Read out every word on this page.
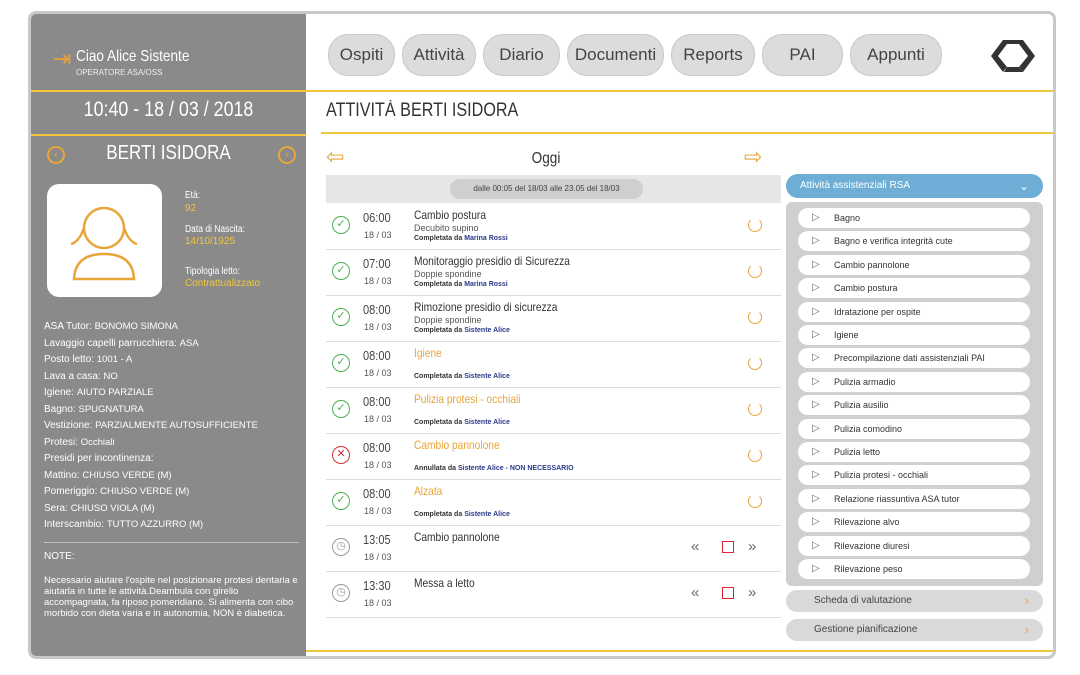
⇥ Ciao Alice Sistente
OPERATORE ASA/OSS
10:40 - 18 / 03 / 2018
BERTI ISIDORA
‹	›
Età:
92
Data di Nascita:
14/10/1925
Tipologia letto:
Contrattualizzato
ASA Tutor: BONOMO SIMONA
Lavaggio capelli parrucchiera: ASA
Posto letto: 1001 - A
Lava a casa: NO
Igiene: AIUTO PARZIALE
Bagno: SPUGNATURA
Vestizione: PARZIALMENTE AUTOSUFFICIENTE
Protesi: Occhiali
Presidi per incontinenza:
Mattino: CHIUSO VERDE (M)
Pomeriggio: CHIUSO VERDE (M)
Sera: CHIUSO VIOLA (M)
Interscambio: TUTTO AZZURRO (M)
NOTE:
Necessario aiutare l'ospite nel posizionare protesi dentaria e aiutarla in tutte le attività.Deambula con girello accompagnata, fa riposo pomeridiano. Si alimenta con cibo morbido con dieta varia e in autonomia, NON è diabetica.
Ospiti	Attività	Diario	Documenti	Reports	PAI	Appunti
ATTIVITÀ BERTI ISIDORA
⇦	Oggi	⇨
dalle 00:05 del 18/03 alle 23.05 del 18/03
✓	06:00
18 / 03
Cambio postura
Decubito supino
Completata da Marina Rossi
✓	07:00
18 / 03
Monitoraggio presidio di Sicurezza
Doppie spondine
Completata da Marina Rossi
✓	08:00
18 / 03
Rimozione presidio di sicurezza
Doppie spondine
Completata da Sistente Alice
✓	08:00
18 / 03
Igiene
Completata da Sistente Alice
✓	08:00
18 / 03
Pulizia protesi - occhiali
Completata da Sistente Alice
✕	08:00
18 / 03
Cambio pannolone
Annullata da Sistente Alice - NON NECESSARIO
✓	08:00
18 / 03
Alzata
Completata da Sistente Alice
◷	13:05
18 / 03
Cambio pannolone
«	»
◷	13:30
18 / 03
Messa a letto
«	»
Attività assistenziali RSA	⌄
▷ Bagno
▷ Bagno e verifica integrità cute
▷ Cambio pannolone
▷ Cambio postura
▷ Idratazione per ospite
▷ Igiene
▷ Precompilazione dati assistenziali PAI
▷ Pulizia armadio
▷ Pulizia ausilio
▷ Pulizia comodino
▷ Pulizia letto
▷ Pulizia protesi - occhiali
▷ Relazione riassuntiva ASA tutor
▷ Rilevazione alvo
▷ Rilevazione diuresi
▷ Rilevazione peso
Scheda di valutazione	›
Gestione pianificazione	›
